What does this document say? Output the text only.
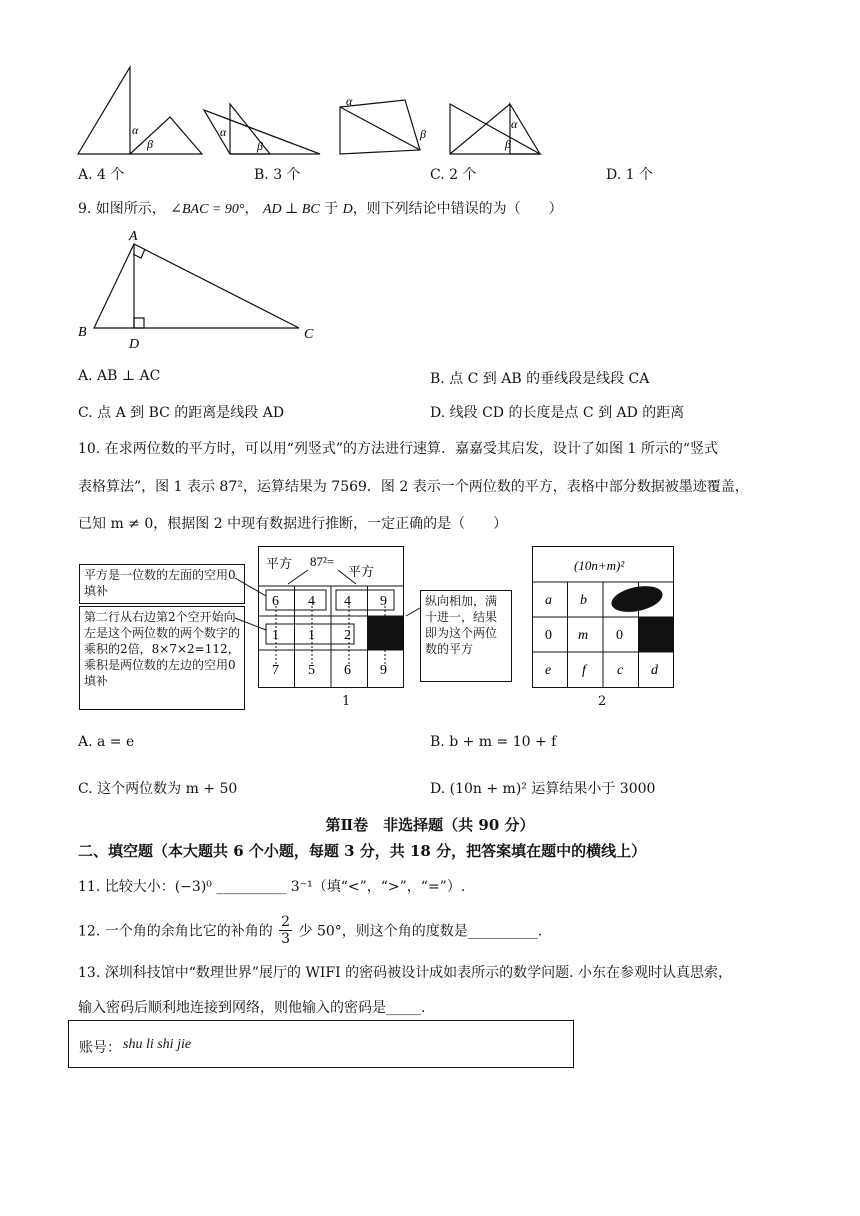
α
β
α
β
α
β
α
β
A. 4 个	B. 3 个	C. 2 个	D. 1 个
9. 如图所示， ∠BAC = 90°， AD ⊥ BC 于 D，则下列结论中错误的为（　　）
A
B	C
D
A. AB ⊥ AC	B. 点 C 到 AB 的垂线段是线段 CA
C. 点 A 到 BC 的距离是线段 AD	D. 线段 CD 的长度是点 C 到 AD 的距离
10. 在求两位数的平方时，可以用“列竖式”的方法进行速算．嘉嘉受其启发，设计了如图 1 所示的“竖式
表格算法”，图 1 表示 87²，运算结果为 7569．图 2 表示一个两位数的平方，表格中部分数据被墨迹覆盖，
已知 m ≠ 0，根据图 2 中现有数据进行推断，一定正确的是（　　）
平方是一位数的左面的空用0填补
第二行从右边第2个空开始向左是这个两位数的两个数字的乘积的2倍，8×7×2=112，乘积是两位数的左边的空用0填补
纵向相加，满十进一，结果即为这个两位数的平方
平方 87²=
平方
6 4 4 9
1 1 2
7 5 6 9
1
(10n+m)²
a b
0 m 0
e f c d
2
A. a = e	B. b + m = 10 + f
C. 这个两位数为 m + 50	D. (10n + m)² 运算结果小于 3000
第Ⅱ卷　非选择题（共 90 分）
二、填空题（本大题共 6 个小题，每题 3 分，共 18 分，把答案填在题中的横线上）
11. 比较大小：(−3)⁰ __________ 3⁻¹（填“<”，“>”，“=”）.
12. 一个角的余角比它的补角的 $\frac{2}{3}$ 少 50°，则这个角的度数是__________.
13. 深圳科技馆中“数理世界”展厅的 WIFI 的密码被设计成如表所示的数学问题. 小东在参观时认真思索，
输入密码后顺利地连接到网络，则他输入的密码是_____.
账号： shu li shi jie
